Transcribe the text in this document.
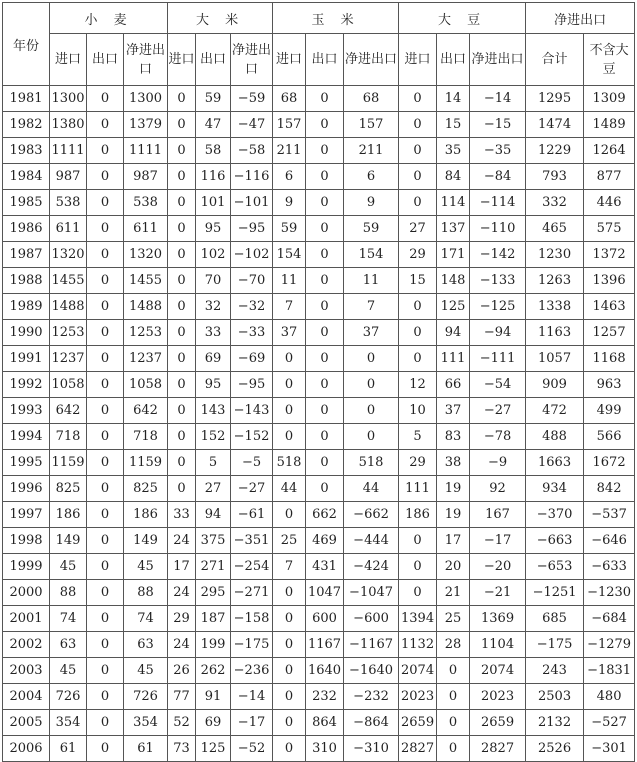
年份	小 麦			大 米			玉 米			大 豆			净进出口	
	进口	出口	净进出口	进口	出口	净进出口	进口	出口	净进出口	进口	出口	净进出口	合计	不含大豆
1981	1300	0	1300	0	59	−59	68	0	68	0	14	−14	1295	1309
1982	1380	0	1379	0	47	−47	157	0	157	0	15	−15	1474	1489
1983	1111	0	1111	0	58	−58	211	0	211	0	35	−35	1229	1264
1984	987	0	987	0	116	−116	6	0	6	0	84	−84	793	877
1985	538	0	538	0	101	−101	9	0	9	0	114	−114	332	446
1986	611	0	611	0	95	−95	59	0	59	27	137	−110	465	575
1987	1320	0	1320	0	102	−102	154	0	154	29	171	−142	1230	1372
1988	1455	0	1455	0	70	−70	11	0	11	15	148	−133	1263	1396
1989	1488	0	1488	0	32	−32	7	0	7	0	125	−125	1338	1463
1990	1253	0	1253	0	33	−33	37	0	37	0	94	−94	1163	1257
1991	1237	0	1237	0	69	−69	0	0	0	0	111	−111	1057	1168
1992	1058	0	1058	0	95	−95	0	0	0	12	66	−54	909	963
1993	642	0	642	0	143	−143	0	0	0	10	37	−27	472	499
1994	718	0	718	0	152	−152	0	0	0	5	83	−78	488	566
1995	1159	0	1159	0	5	−5	518	0	518	29	38	−9	1663	1672
1996	825	0	825	0	27	−27	44	0	44	111	19	92	934	842
1997	186	0	186	33	94	−61	0	662	−662	186	19	167	−370	−537
1998	149	0	149	24	375	−351	25	469	−444	0	17	−17	−663	−646
1999	45	0	45	17	271	−254	7	431	−424	0	20	−20	−653	−633
2000	88	0	88	24	295	−271	0	1047	−1047	0	21	−21	−1251	−1230
2001	74	0	74	29	187	−158	0	600	−600	1394	25	1369	685	−684
2002	63	0	63	24	199	−175	0	1167	−1167	1132	28	1104	−175	−1279
2003	45	0	45	26	262	−236	0	1640	−1640	2074	0	2074	243	−1831
2004	726	0	726	77	91	−14	0	232	−232	2023	0	2023	2503	480
2005	354	0	354	52	69	−17	0	864	−864	2659	0	2659	2132	−527
2006	61	0	61	73	125	−52	0	310	−310	2827	0	2827	2526	−301
